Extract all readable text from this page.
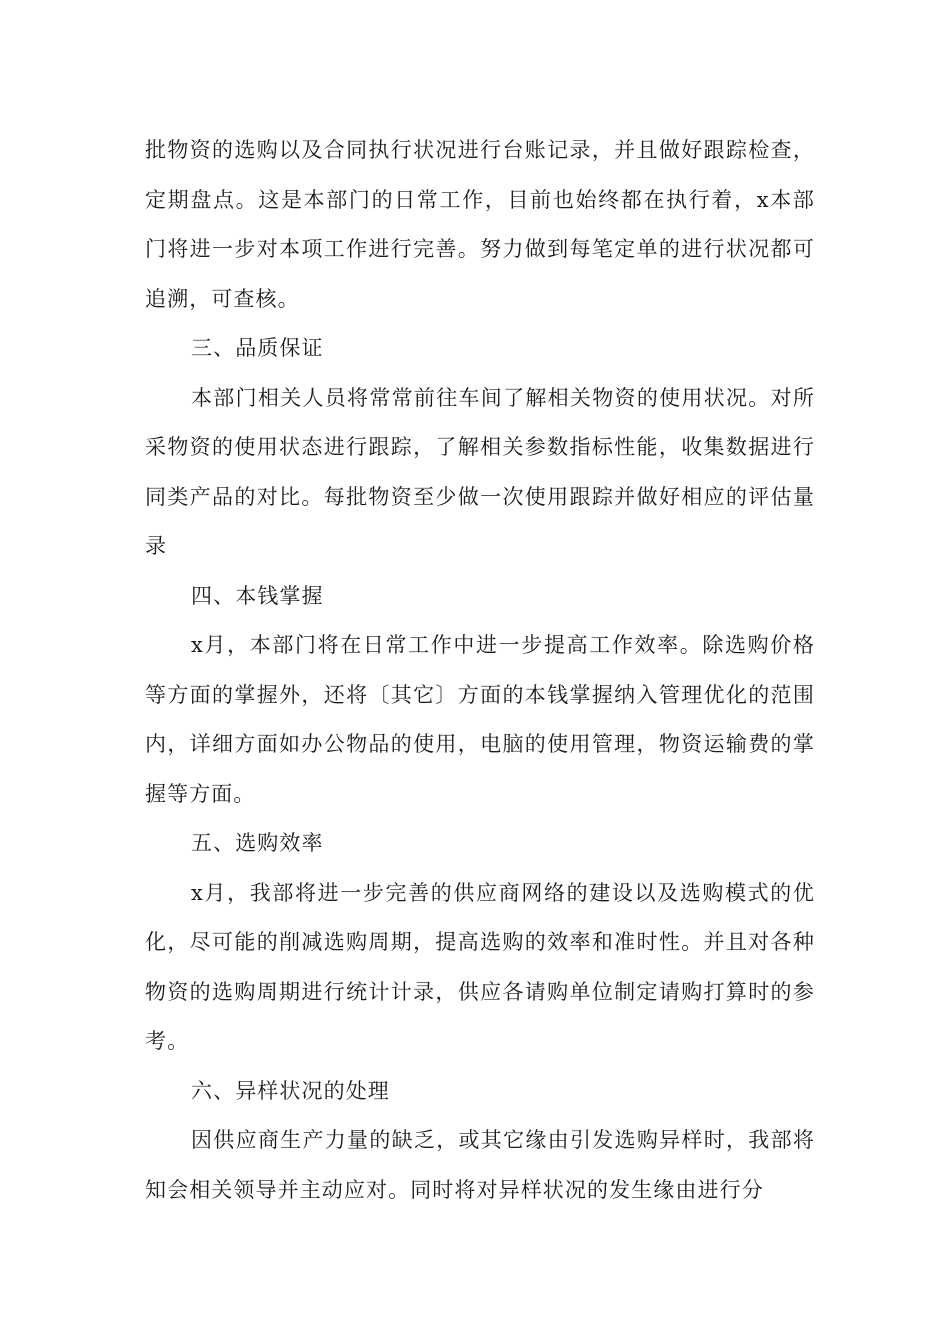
批物资的选购以及合同执行状况进行台账记录，并且做好跟踪检查，定期盘点。这是本部门的日常工作，目前也始终都在执行着，x本部门将进一步对本项工作进行完善。努力做到每笔定单的进行状况都可追溯，可查核。

三、品质保证

本部门相关人员将常常前往车间了解相关物资的使用状况。对所采物资的使用状态进行跟踪，了解相关参数指标性能，收集数据进行同类产品的对比。每批物资至少做一次使用跟踪并做好相应的评估量录

四、本钱掌握

x月，本部门将在日常工作中进一步提高工作效率。除选购价格等方面的掌握外，还将〔其它〕方面的本钱掌握纳入管理优化的范围内，详细方面如办公物品的使用，电脑的使用管理，物资运输费的掌握等方面。

五、选购效率

x月，我部将进一步完善的供应商网络的建设以及选购模式的优化，尽可能的削减选购周期，提高选购的效率和准时性。并且对各种物资的选购周期进行统计计录，供应各请购单位制定请购打算时的参考。

六、异样状况的处理

因供应商生产力量的缺乏，或其它缘由引发选购异样时，我部将知会相关领导并主动应对。同时将对异样状况的发生缘由进行分
